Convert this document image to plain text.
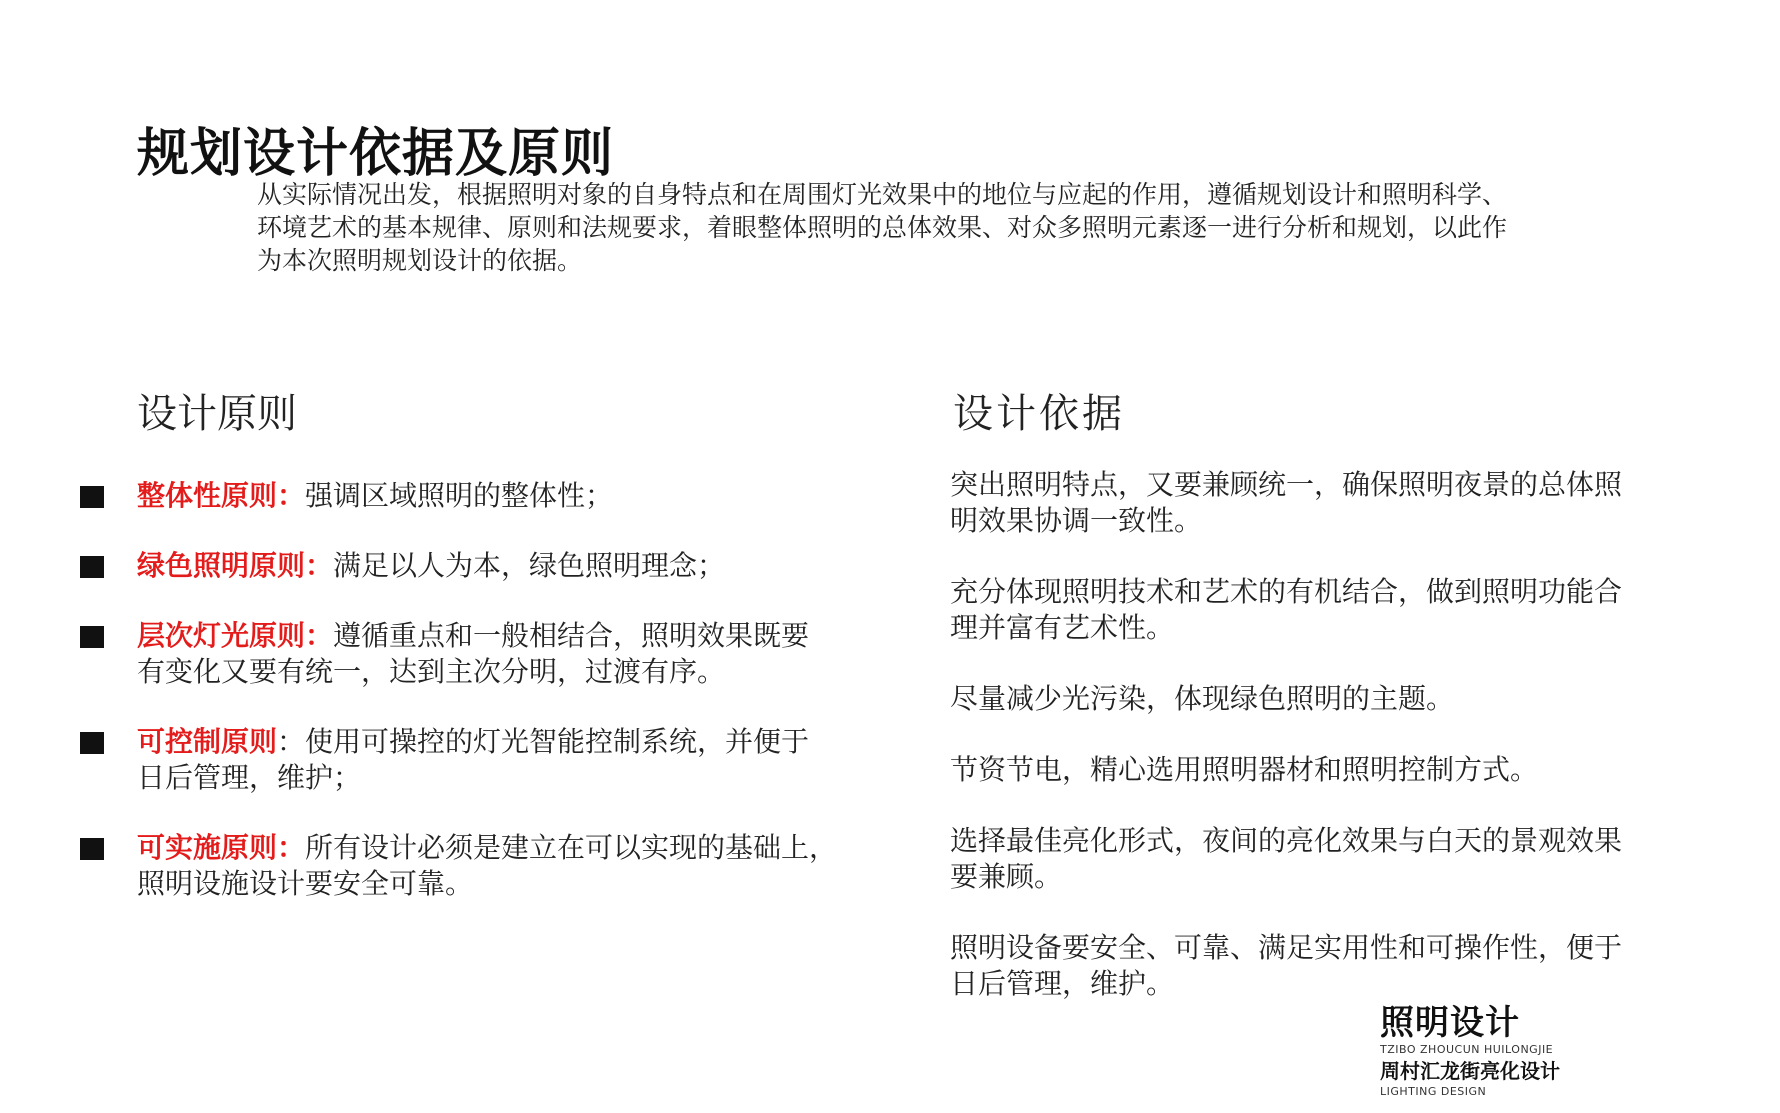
规划设计依据及原则
从实际情况出发，根据照明对象的自身特点和在周围灯光效果中的地位与应起的作用，遵循规划设计和照明科学、
环境艺术的基本规律、原则和法规要求，着眼整体照明的总体效果、对众多照明元素逐一进行分析和规划，以此作
为本次照明规划设计的依据。
设计原则	设计依据
整体性原则：强调区域照明的整体性；
绿色照明原则：满足以人为本，绿色照明理念；
层次灯光原则：遵循重点和一般相结合，照明效果既要
有变化又要有统一，达到主次分明，过渡有序。
可控制原则：使用可操控的灯光智能控制系统，并便于
日后管理，维护；
可实施原则：所有设计必须是建立在可以实现的基础上，
照明设施设计要安全可靠。

突出照明特点，又要兼顾统一，确保照明夜景的总体照
明效果协调一致性。

充分体现照明技术和艺术的有机结合，做到照明功能合
理并富有艺术性。

尽量减少光污染，体现绿色照明的主题。

节资节电，精心选用照明器材和照明控制方式。

选择最佳亮化形式，夜间的亮化效果与白天的景观效果
要兼顾。

照明设备要安全、可靠、满足实用性和可操作性，便于
日后管理，维护。

照明设计
TZIBO ZHOUCUN HUILONGJIE
周村汇龙街亮化设计
LIGHTING DESIGN
